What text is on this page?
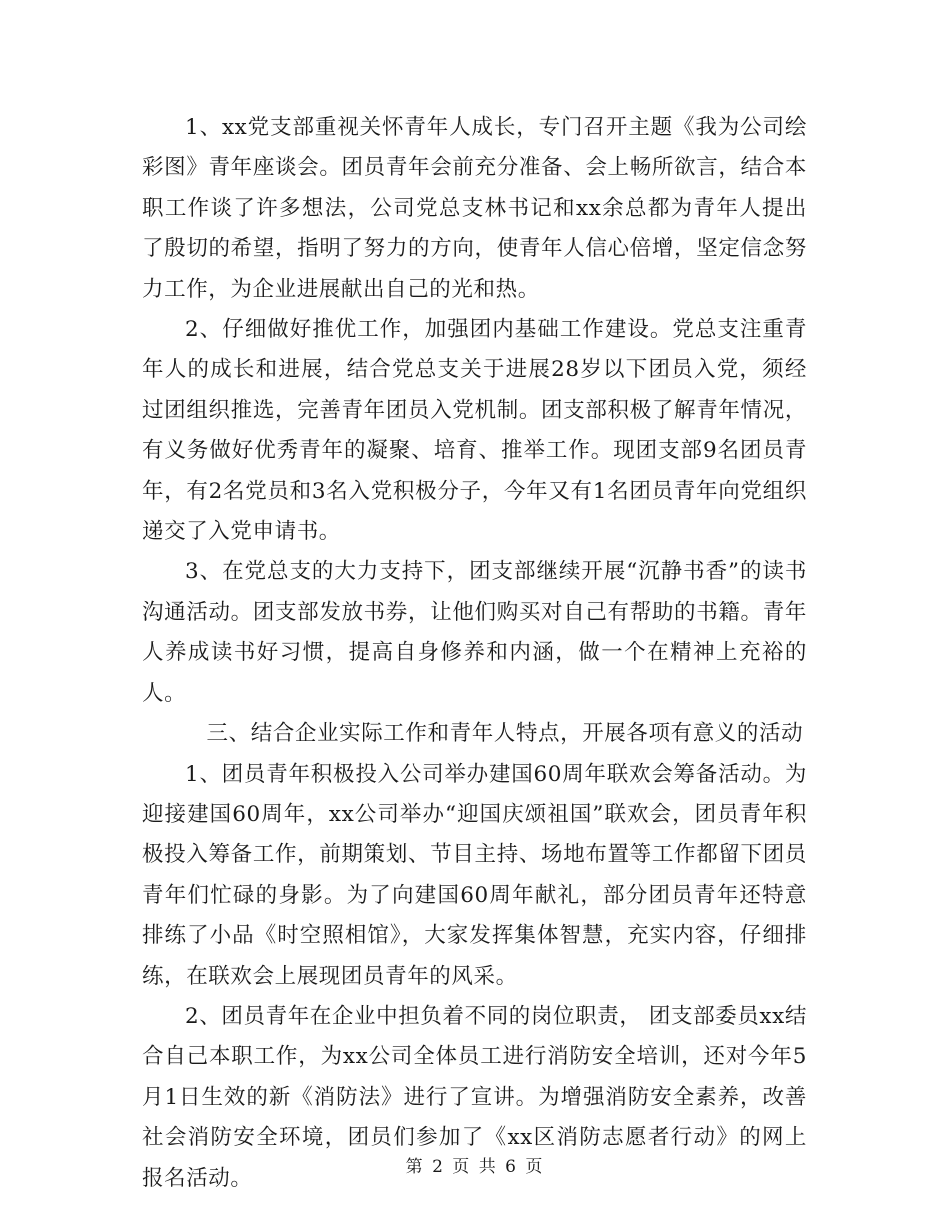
1、xx党支部重视关怀青年人成长，专门召开主题《我为公司绘彩图》青年座谈会。团员青年会前充分准备、会上畅所欲言，结合本职工作谈了许多想法，公司党总支林书记和xx余总都为青年人提出了殷切的希望，指明了努力的方向，使青年人信心倍增，坚定信念努力工作，为企业进展献出自己的光和热。

2、仔细做好推优工作，加强团内基础工作建设。党总支注重青年人的成长和进展，结合党总支关于进展28岁以下团员入党，须经过团组织推选，完善青年团员入党机制。团支部积极了解青年情况，有义务做好优秀青年的凝聚、培育、推举工作。现团支部9名团员青年，有2名党员和3名入党积极分子，今年又有1名团员青年向党组织递交了入党申请书。

3、在党总支的大力支持下，团支部继续开展“沉静书香”的读书沟通活动。团支部发放书券，让他们购买对自己有帮助的书籍。青年人养成读书好习惯，提高自身修养和内涵，做一个在精神上充裕的人。

三、结合企业实际工作和青年人特点，开展各项有意义的活动

1、团员青年积极投入公司举办建国60周年联欢会筹备活动。为迎接建国60周年，xx公司举办“迎国庆颂祖国”联欢会，团员青年积极投入筹备工作，前期策划、节目主持、场地布置等工作都留下团员青年们忙碌的身影。为了向建国60周年献礼，部分团员青年还特意排练了小品《时空照相馆》，大家发挥集体智慧，充实内容，仔细排练，在联欢会上展现团员青年的风采。

2、团员青年在企业中担负着不同的岗位职责， 团支部委员xx结合自己本职工作，为xx公司全体员工进行消防安全培训，还对今年5月1日生效的新《消防法》进行了宣讲。为增强消防安全素养，改善社会消防安全环境，团员们参加了《xx区消防志愿者行动》的网上报名活动。	第 2 页 共 6 页
